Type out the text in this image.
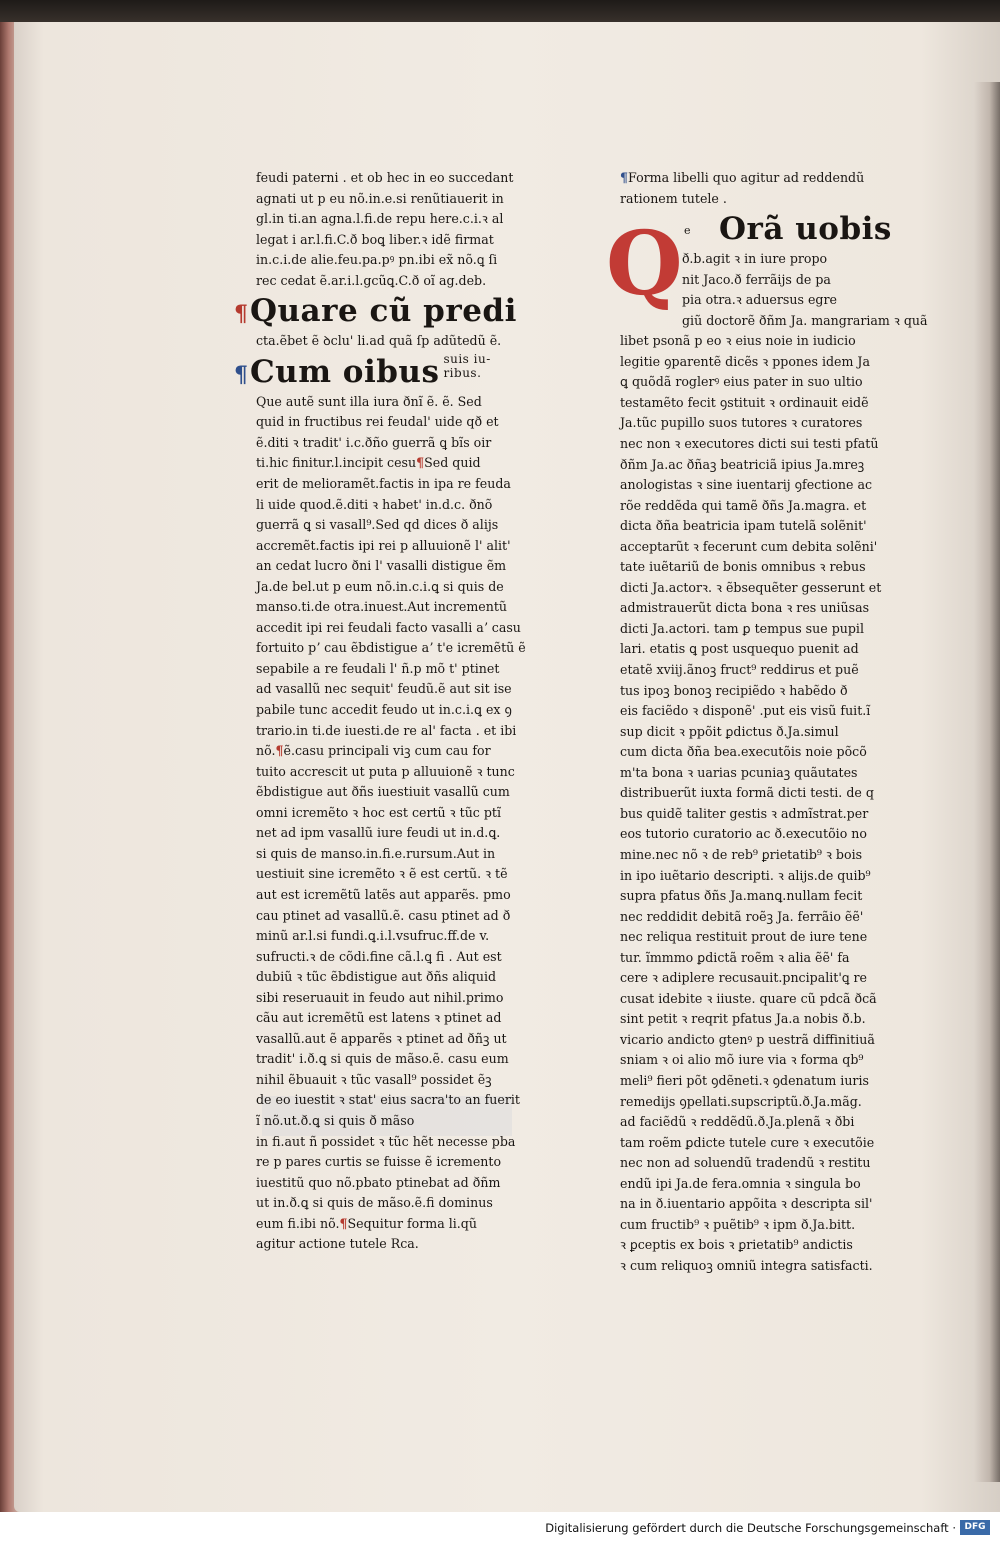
feudi paterni . et ob hec in eo succedant
agnati ut p eu nõ.in.e.si renũtiauerit in
gl.in ti.an agna.l.fi.de repu here.c.i.ꝛ al
legat i ar.l.fi.C.ð boꝗ liber.ꝛ idẽ firmat
in.c.i.de alie.feu.pa.pꝰ pn.ibi ex̃ nõ.ꝗ ſi
rec cedat ẽ.ar.i.l.gcũꝗ.C.ð oĩ ag.deb.
¶Quare cũ predi
cta.ẽbet ẽ ꝺclu' li.ad quã ſp adũtedũ ẽ.
¶Cum oibus suis iu-
ribus.
Que autẽ sunt illa iura ðnĩ ẽ. ẽ. Sed
quid in fructibus rei feudal' uide qð et
ẽ.diti ꝛ tradit' i.c.ðño guerrã ꝗ bĩs oir
ti.hic finitur.l.incipit cesu¶Sed quid
erit de melioramẽt.factis in ipa re feuda
li uide quod.ẽ.diti ꝛ habet' in.d.c. ðnõ
guerrã ꝗ si vasall⁹.Sed qd dices ð alijs
accremẽt.factis ipi rei p alluuionẽ l' alit'
an cedat lucro ðni l' vasalli distigue ẽm
Ja.de bel.ut p eum nõ.in.c.i.ꝗ si quis de
manso.ti.de otra.inuest.Aut incrementũ
accedit ipi rei feudali facto vasalli aʼ casu
fortuito pʼ cau ẽbdistigue aʼ t'e icremẽtũ ẽ
sepabile a re feudali l' ñ.p mõ t' ptinet
ad vasallũ nec sequit' feudũ.ẽ aut sit ise
pabile tunc accedit feudo ut in.c.i.ꝗ ex ꝯ
trario.in ti.de iuesti.de re al' facta . et ibi
nõ.¶ẽ.casu principali viꝫ cum cau for
tuito accrescit ut puta p alluuionẽ ꝛ tunc
ẽbdistigue aut ðñs iuestiuit vasallũ cum
omni icremẽto ꝛ hoc est certũ ꝛ tũc ptĩ
net ad ipm vasallũ iure feudi ut in.d.ꝗ.
si quis de manso.in.fi.e.rursum.Aut in
uestiuit sine icremẽto ꝛ ẽ est certũ. ꝛ tẽ
aut est icremẽtũ latẽs aut apparẽs. pmo
cau ptinet ad vasallũ.ẽ. casu ptinet ad ð
minũ ar.l.si fundi.ꝗ.i.l.vsufruc.ff.de v.
sufructi.ꝛ de cõdi.fine cã.l.ꝗ fi . Aut est
dubiũ ꝛ tũc ẽbdistigue aut ðñs aliquid
sibi reseruauit in feudo aut nihil.primo
cãu aut icremẽtũ est latens ꝛ ptinet ad
vasallũ.aut ẽ apparẽs ꝛ ptinet ad ðñꝫ ut
tradit' i.ð.ꝗ si quis de mãso.ẽ. casu eum
nihil ẽbuauit ꝛ tũc vasall⁹ possidet ẽꝫ
de eo iuestit ꝛ stat' eius sacra'to an fuerit
ĩ nõ.ut.ð.ꝗ si quis ð mãso
in fi.aut ñ possidet ꝛ tũc hẽt necesse pba
re p pares curtis se fuisse ẽ icremento
iuestitũ quo nõ.pbato ptinebat ad ðñm
ut in.ð.ꝗ si quis de mãso.ẽ.fi dominus
eum fi.ibi nõ.¶Sequitur forma li.qũ
agitur actione tutele Rca.
¶Forma libelli quo agitur ad reddendũ
rationem tutele .
e Orã uobis
ð.b.agit ꝛ in iure propo
nit Jaco.ð ferrãijs de pa
pia otra.ꝛ aduersus egre
giũ doctorẽ ðñm Ja. mangrariam ꝛ quã
libet psonã p eo ꝛ eius noie in iudicio
legitie ꝯparentẽ dicẽs ꝛ ppones idem Ja
ꝗ quõdã roglerꝰ eius pater in suo ultio
testamẽto fecit ꝯstituit ꝛ ordinauit eidẽ
Ja.tũc pupillo suos tutores ꝛ curatores
nec non ꝛ executores dicti sui testi pfatũ
ðñm Ja.ac ðñaꝫ beatriciã ipius Ja.mreꝫ
anologistas ꝛ sine iuentarij ꝯfectione ac
rõe reddẽda qui tamẽ ðñs Ja.magra. et
dicta ðña beatricia ipam tutelã solẽnit'
acceptarũt ꝛ fecerunt cum debita solẽni'
tate iuẽtariũ de bonis omnibus ꝛ rebus
dicti Ja.actorꝛ. ꝛ ẽbsequẽter gesserunt et
admistrauerũt dicta bona ꝛ res uniũsas
dicti Ja.actori. tam ꝑ tempus sue pupil
lari. etatis ꝗ post usquequo puenit ad
etatẽ xviij.ãnoꝫ fruct⁹ reddirus et puẽ
tus ipoꝫ bonoꝫ recipiẽdo ꝛ habẽdo ð
eis faciẽdo ꝛ disponẽ' .put eis visũ fuit.ĩ
sup dicit ꝛ ppõit ꝑdictus ð.Ja.simul
cum dicta ðña bea.executõis noie põcõ
m'ta bona ꝛ uarias pcuniaꝫ quãutates
distribuerũt iuxta formã dicti testi. de q
bus quidẽ taliter gestis ꝛ admĩstrat.per
eos tutorio curatorio ac ð.executõio no
mine.nec nõ ꝛ de reb⁹ ꝑrietatib⁹ ꝛ bois
in ipo iuẽtario descripti. ꝛ alijs.de quib⁹
supra pfatus ðñs Ja.manꝗ.nullam fecit
nec reddidit debitã roẽꝫ Ja. ferrãio ẽẽ'
nec reliqua restituit prout de iure tene
tur. ĩmmmo ꝑdictã roẽm ꝛ alia ẽẽ' fa
cere ꝛ adiplere recusauit.pncipalit'ꝗ re
cusat idebite ꝛ iiuste. quare cũ pdcã ðcã
sint petit ꝛ reqrit pfatus Ja.a nobis ð.b.
vicario andicto gtenꝰ p uestrã diffinitiuã
sniam ꝛ oi alio mõ iure via ꝛ forma qb⁹
meli⁹ fieri põt ꝯdẽneti.ꝛ ꝯdenatum iuris
remedijs ꝯpellati.supscriptũ.ð.Ja.mãg.
ad faciẽdũ ꝛ reddẽdũ.ð.Ja.plenã ꝛ ðbi
tam roẽm ꝑdicte tutele cure ꝛ executõie
nec non ad soluendũ tradendũ ꝛ restitu
endũ ipi Ja.de fera.omnia ꝛ singula bo
na in ð.iuentario appõita ꝛ descripta sil'
cum fructib⁹ ꝛ puẽtib⁹ ꝛ ipm ð.Ja.bitt.
ꝛ ꝑceptis ex bois ꝛ ꝑrietatib⁹ andictis
ꝛ cum reliquoꝫ omniũ integra satisfacti.
Q
Digitalisierung gefördert durch die Deutsche Forschungsgemeinschaft · DFG
